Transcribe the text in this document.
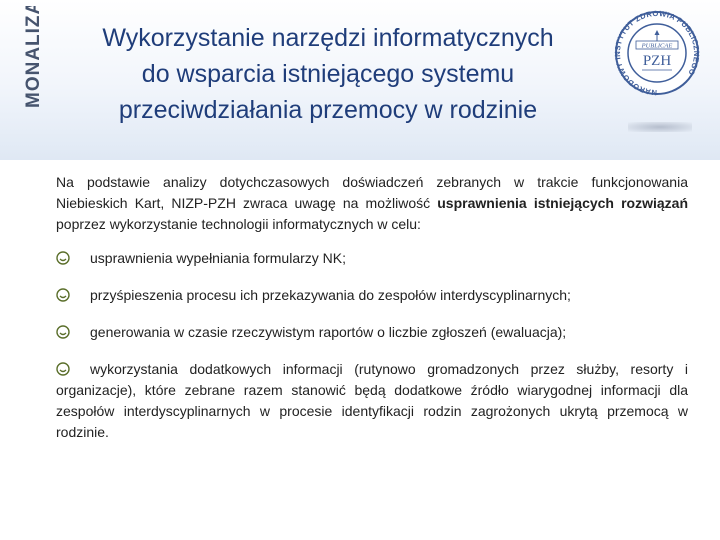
MONALIZA	Wykorzystanie narzędzi informatycznych
do wsparcia istniejącego systemu
przeciwdziałania przemocy w rodzinie
NARODOWY I STYTUT ZDROWIA PUBLIC EGO
PUBLICAE
PZH

Na podstawie analizy dotychczasowych doświadczeń zebranych w trakcie funkcjonowania Niebieskich Kart, NIZP-PZH zwraca uwagę na możliwość usprawnienia istniejących rozwiązań poprzez wykorzystanie technologii informatycznych w celu:

usprawnienia wypełniania formularzy NK;

przyśpieszenia procesu ich przekazywania do zespołów interdyscyplinarnych;

generowania w czasie rzeczywistym raportów o liczbie zgłoszeń (ewaluacja);

wykorzystania dodatkowych informacji (rutynowo gromadzonych przez służby, resorty i organizacje), które zebrane razem stanowić będą dodatkowe źródło wiarygodnej informacji dla zespołów interdyscyplinarnych w procesie identyfikacji rodzin zagrożonych ukrytą przemocą w rodzinie.
